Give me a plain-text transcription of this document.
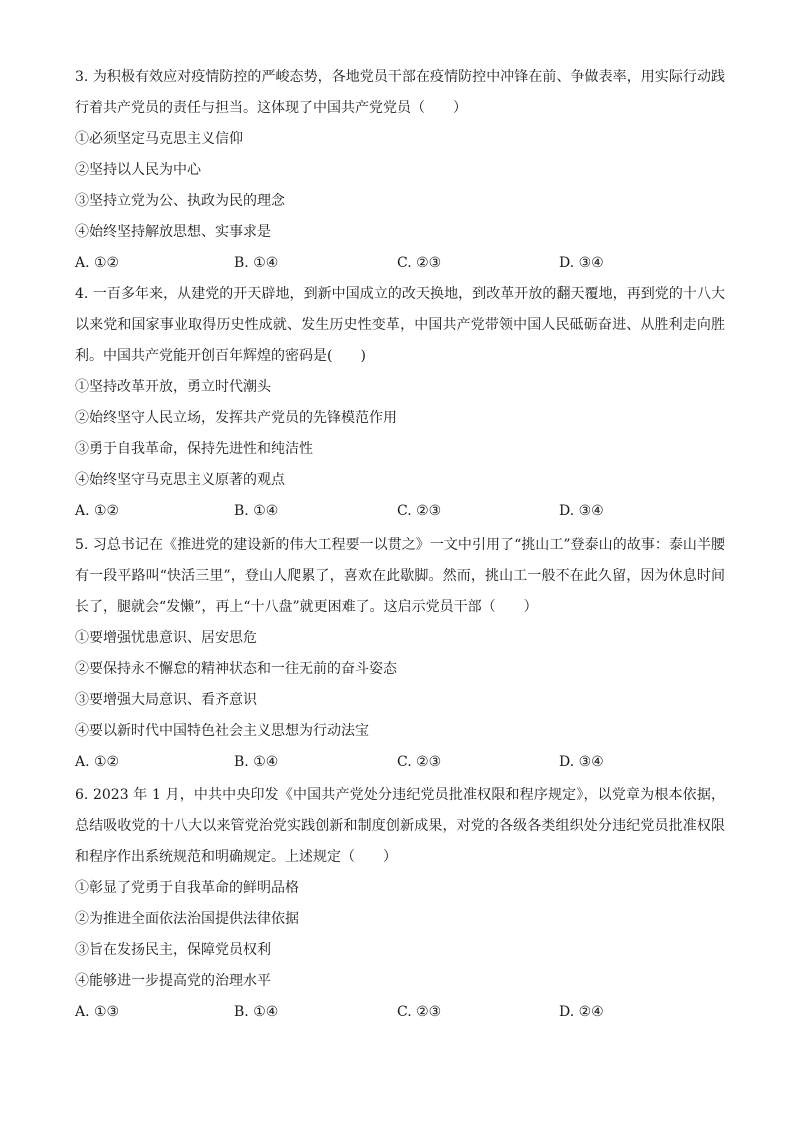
3. 为积极有效应对疫情防控的严峻态势，各地党员干部在疫情防控中冲锋在前、争做表率，用实际行动践行着共产党员的责任与担当。这体现了中国共产党党员（　　）

①必须坚定马克思主义信仰

②坚持以人民为中心

③坚持立党为公、执政为民的理念

④始终坚持解放思想、实事求是

A. ①②	B. ①④	C. ②③	D. ③④

4. 一百多年来，从建党的开天辟地，到新中国成立的改天换地，到改革开放的翻天覆地，再到党的十八大以来党和国家事业取得历史性成就、发生历史性变革，中国共产党带领中国人民砥砺奋进、从胜利走向胜利。中国共产党能开创百年辉煌的密码是(　　)

①坚持改革开放，勇立时代潮头

②始终坚守人民立场，发挥共产党员的先锋模范作用

③勇于自我革命，保持先进性和纯洁性

④始终坚守马克思主义原著的观点

A. ①②	B. ①④	C. ②③	D. ③④

5. 习总书记在《推进党的建设新的伟大工程要一以贯之》一文中引用了“挑山工”登泰山的故事：泰山半腰有一段平路叫“快活三里”，登山人爬累了，喜欢在此歇脚。然而，挑山工一般不在此久留，因为休息时间长了，腿就会“发懒”，再上“十八盘”就更困难了。这启示党员干部（　　）

①要增强忧患意识、居安思危

②要保持永不懈怠的精神状态和一往无前的奋斗姿态

③要增强大局意识、看齐意识

④要以新时代中国特色社会主义思想为行动法宝

A. ①②	B. ①④	C. ②③	D. ③④

6. 2023 年 1 月，中共中央印发《中国共产党处分违纪党员批准权限和程序规定》，以党章为根本依据，总结吸收党的十八大以来管党治党实践创新和制度创新成果，对党的各级各类组织处分违纪党员批准权限和程序作出系统规范和明确规定。上述规定（　　）

①彰显了党勇于自我革命的鲜明品格

②为推进全面依法治国提供法律依据

③旨在发扬民主，保障党员权利

④能够进一步提高党的治理水平

A. ①③	B. ①④	C. ②③	D. ②④
